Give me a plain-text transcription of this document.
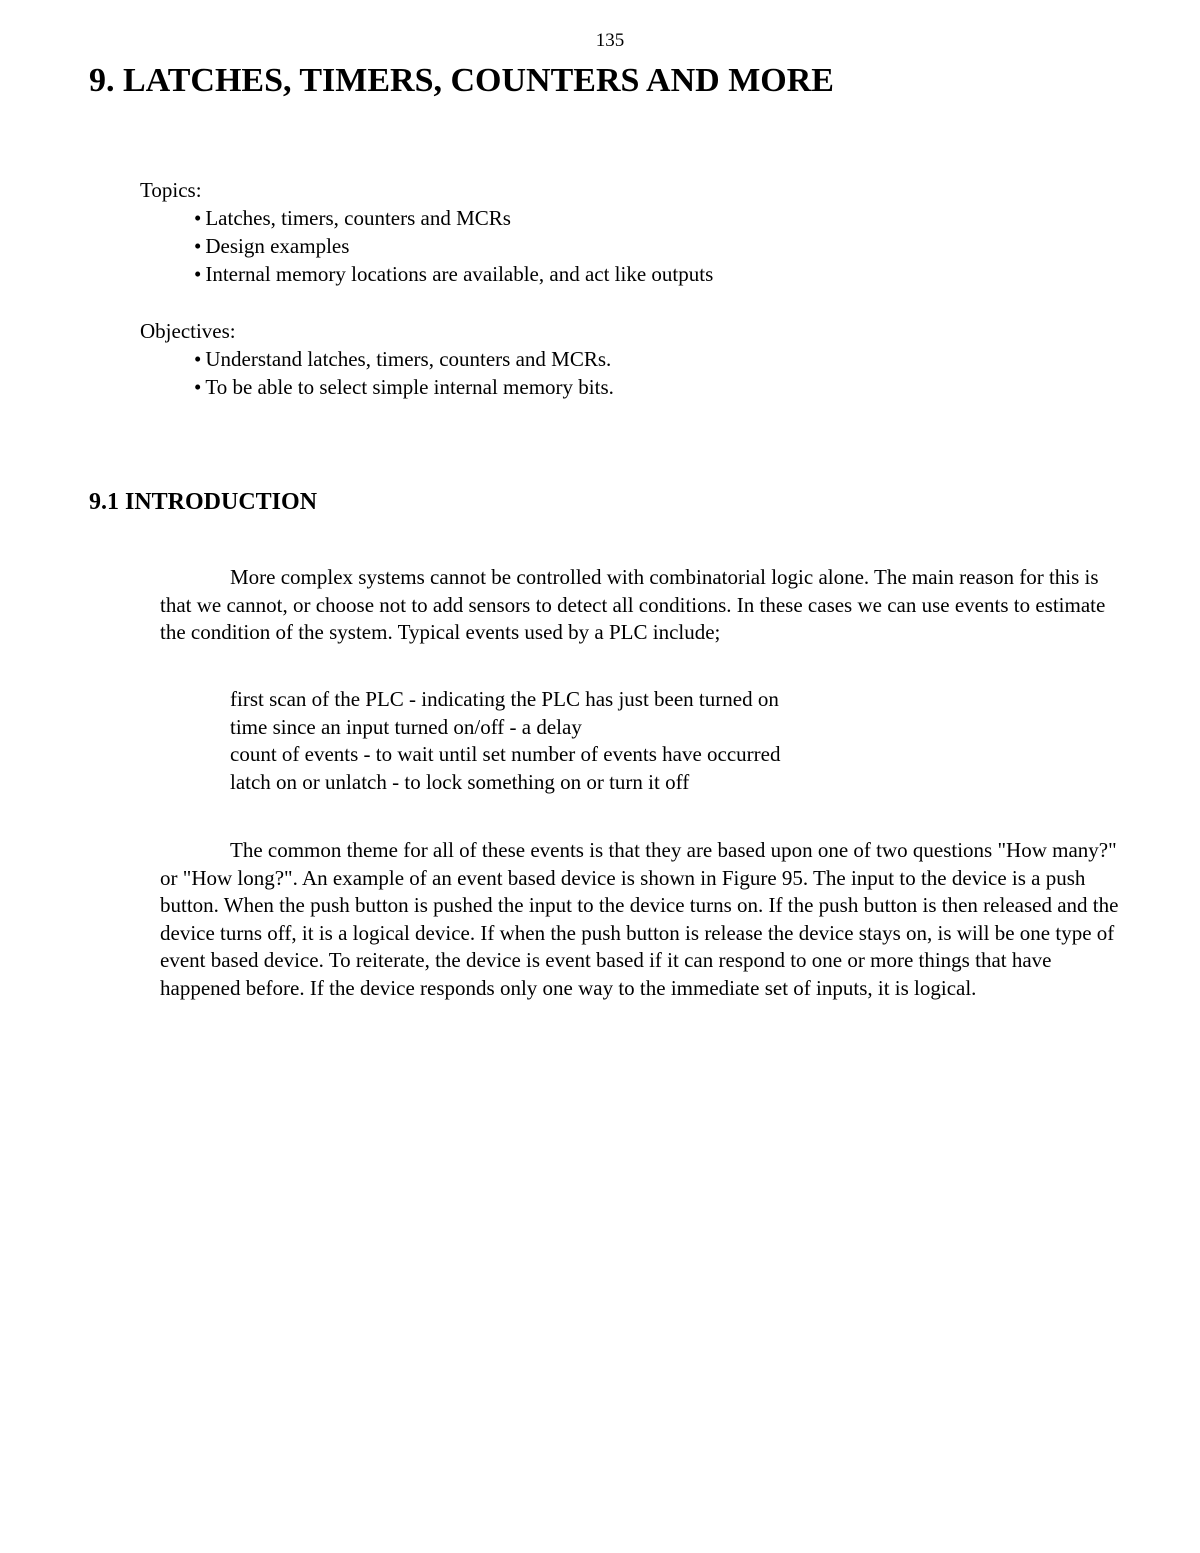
135
9. LATCHES, TIMERS, COUNTERS AND MORE
Topics:
• Latches, timers, counters and MCRs
• Design examples
• Internal memory locations are available, and act like outputs
Objectives:
• Understand latches, timers, counters and MCRs.
• To be able to select simple internal memory bits.
9.1 INTRODUCTION

More complex systems cannot be controlled with combinatorial logic alone. The main reason for this is that we cannot, or choose not to add sensors to detect all conditions. In these cases we can use events to estimate the condition of the system. Typical events used by a PLC include;

first scan of the PLC - indicating the PLC has just been turned on
time since an input turned on/off - a delay
count of events - to wait until set number of events have occurred
latch on or unlatch - to lock something on or turn it off

The common theme for all of these events is that they are based upon one of two questions "How many?" or "How long?". An example of an event based device is shown in Figure 95. The input to the device is a push button. When the push button is pushed the input to the device turns on. If the push button is then released and the device turns off, it is a logical device. If when the push button is release the device stays on, is will be one type of event based device. To reiterate, the device is event based if it can respond to one or more things that have happened before. If the device responds only one way to the immediate set of inputs, it is logical.
